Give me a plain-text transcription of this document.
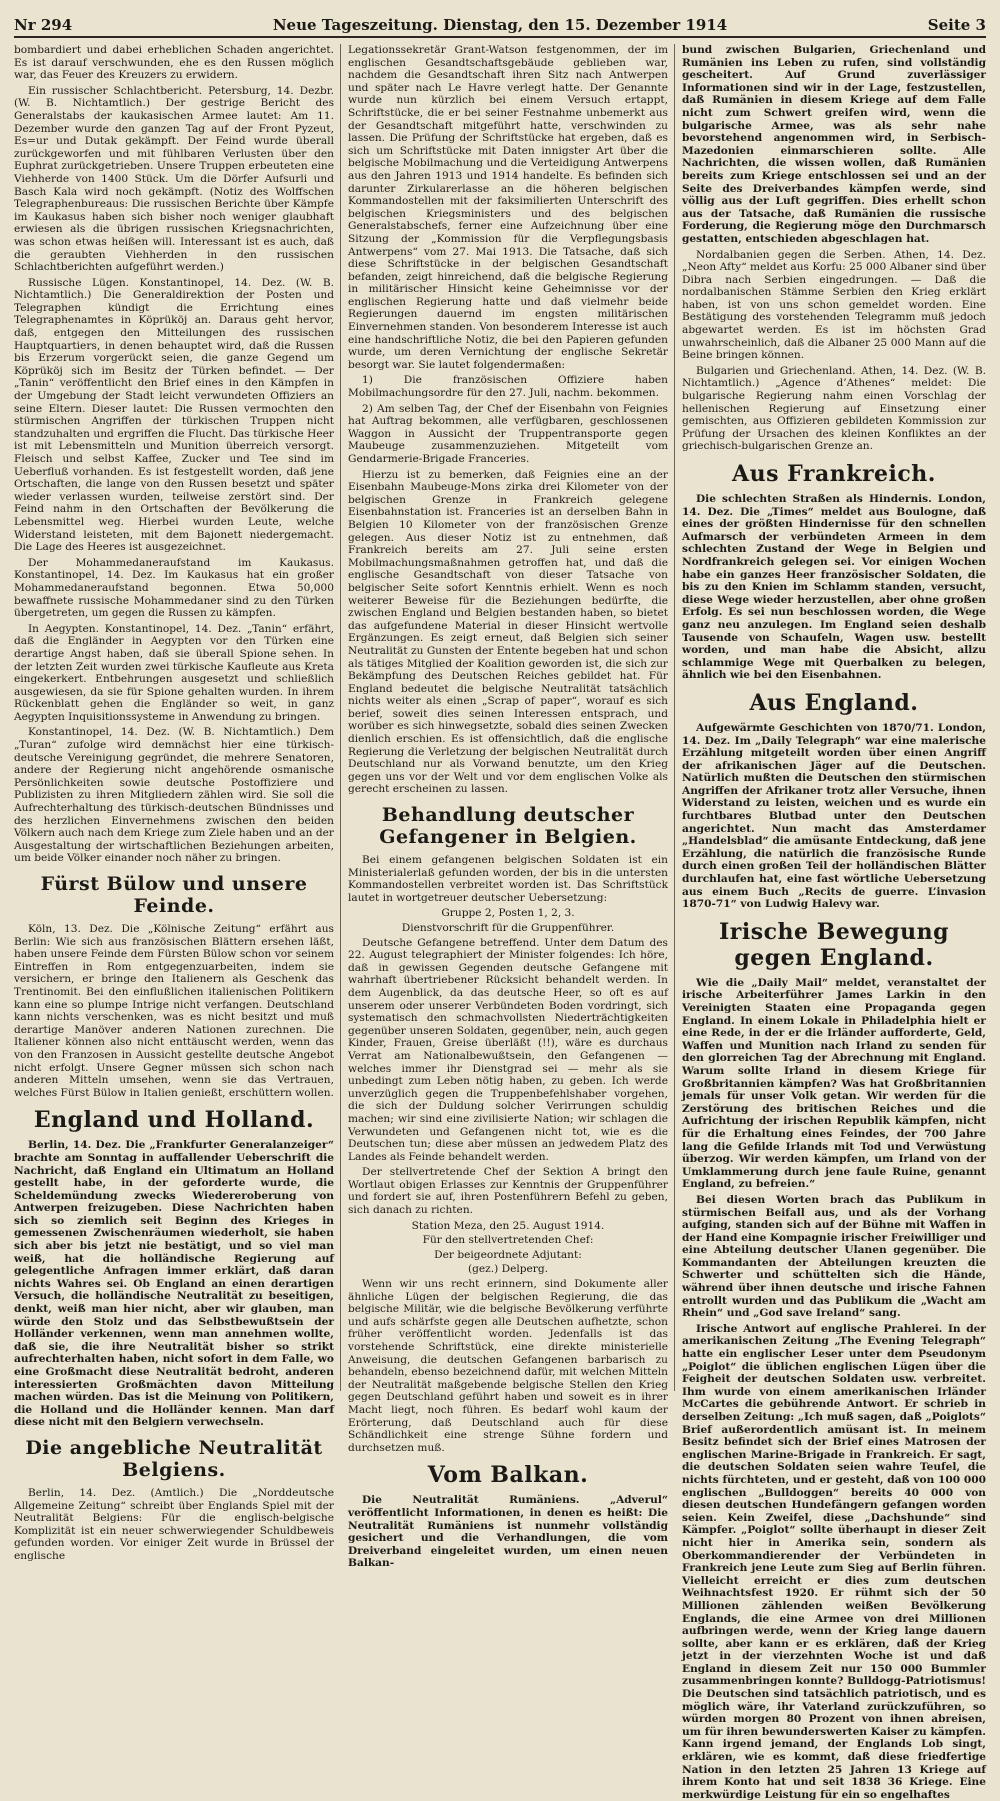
Nr 294	Neue Tageszeitung. Dienstag, den 15. Dezember 1914	Seite 3

bombardiert und dabei erheblichen Schaden angerichtet. Es ist darauf verschwunden, ehe es den Russen möglich war, das Feuer des Kreuzers zu erwidern.

Ein russischer Schlachtbericht. Petersburg, 14. Dezbr. (W. B. Nichtamtlich.) Der gestrige Bericht des Generalstabs der kaukasischen Armee lautet: Am 11. Dezember wurde den ganzen Tag auf der Front Pyzeut, Es=ur und Dutak gekämpft. Der Feind wurde überall zurückgeworfen und mit fühlbaren Verlusten über den Euphrat zurückgetrieben. Unsere Truppen erbeuteten eine Viehherde von 1400 Stück. Um die Dörfer Aufsurli und Basch Kala wird noch gekämpft. (Notiz des Wolffschen Telegraphenbureaus: Die russischen Berichte über Kämpfe im Kaukasus haben sich bisher noch weniger glaubhaft erwiesen als die übrigen russischen Kriegsnachrichten, was schon etwas heißen will. Interessant ist es auch, daß die geraubten Viehherden in den russischen Schlachtberichten aufgeführt werden.)

Russische Lügen. Konstantinopel, 14. Dez. (W. B. Nichtamtlich.) Die Generaldirektion der Posten und Telegraphen kündigt die Errichtung eines Telegraphenamtes in Köprüköj an. Daraus geht hervor, daß, entgegen den Mitteilungen des russischen Hauptquartiers, in denen behauptet wird, daß die Russen bis Erzerum vorgerückt seien, die ganze Gegend um Köprüköj sich im Besitz der Türken befindet. — Der „Tanin“ veröffentlicht den Brief eines in den Kämpfen in der Umgebung der Stadt leicht verwundeten Offiziers an seine Eltern. Dieser lautet: Die Russen vermochten den stürmischen Angriffen der türkischen Truppen nicht standzuhalten und ergriffen die Flucht. Das türkische Heer ist mit Lebensmitteln und Munition überreich versorgt. Fleisch und selbst Kaffee, Zucker und Tee sind im Ueberfluß vorhanden. Es ist festgestellt worden, daß jene Ortschaften, die lange von den Russen besetzt und später wieder verlassen wurden, teilweise zerstört sind. Der Feind nahm in den Ortschaften der Bevölkerung die Lebensmittel weg. Hierbei wurden Leute, welche Widerstand leisteten, mit dem Bajonett niedergemacht. Die Lage des Heeres ist ausgezeichnet.

Der Mohammedaneraufstand im Kaukasus. Konstantinopel, 14. Dez. Im Kaukasus hat ein großer Mohammedaneraufstand begonnen. Etwa 50,000 bewaffnete russische Mohammedaner sind zu den Türken übergetreten, um gegen die Russen zu kämpfen.

In Aegypten. Konstantinopel, 14. Dez. „Tanin“ erfährt, daß die Engländer in Aegypten vor den Türken eine derartige Angst haben, daß sie überall Spione sehen. In der letzten Zeit wurden zwei türkische Kaufleute aus Kreta eingekerkert. Entbehrungen ausgesetzt und schließlich ausgewiesen, da sie für Spione gehalten wurden. In ihrem Rückenblatt gehen die Engländer so weit, in ganz Aegypten Inquisitionssysteme in Anwendung zu bringen.

Konstantinopel, 14. Dez. (W. B. Nichtamtlich.) Dem „Turan“ zufolge wird demnächst hier eine türkisch-deutsche Vereinigung gegründet, die mehrere Senatoren, andere der Regierung nicht angehörende osmanische Persönlichkeiten sowie deutsche Postoffiziere und Publizisten zu ihren Mitgliedern zählen wird. Sie soll die Aufrechterhaltung des türkisch-deutschen Bündnisses und des herzlichen Einvernehmens zwischen den beiden Völkern auch nach dem Kriege zum Ziele haben und an der Ausgestaltung der wirtschaftlichen Beziehungen arbeiten, um beide Völker einander noch näher zu bringen.

Fürst Bülow und unsere Feinde.

Köln, 13. Dez. Die „Kölnische Zeitung“ erfährt aus Berlin: Wie sich aus französischen Blättern ersehen läßt, haben unsere Feinde dem Fürsten Bülow schon vor seinem Eintreffen in Rom entgegenzuarbeiten, indem sie versichern, er bringe den Italienern als Geschenk das Trentinomit. Bei den einflußlichen italienischen Politikern kann eine so plumpe Intrige nicht verfangen. Deutschland kann nichts verschenken, was es nicht besitzt und muß derartige Manöver anderen Nationen zurechnen. Die Italiener können also nicht enttäuscht werden, wenn das von den Franzosen in Aussicht gestellte deutsche Angebot nicht erfolgt. Unsere Gegner müssen sich schon nach anderen Mitteln umsehen, wenn sie das Vertrauen, welches Fürst Bülow in Italien genießt, erschüttern wollen.

England und Holland.

Berlin, 14. Dez. Die „Frankfurter Generalanzeiger“ brachte am Sonntag in auffallender Ueberschrift die Nachricht, daß England ein Ultimatum an Holland gestellt habe, in der geforderte wurde, die Scheldemündung zwecks Wiedereroberung von Antwerpen freizugeben. Diese Nachrichten haben sich so ziemlich seit Beginn des Krieges in gemessenen Zwischenräumen wiederholt, sie haben sich aber bis jetzt nie bestätigt, und so viel man weiß, hat die holländische Regierung auf gelegentliche Anfragen immer erklärt, daß daran nichts Wahres sei. Ob England an einen derartigen Versuch, die holländische Neutralität zu beseitigen, denkt, weiß man hier nicht, aber wir glauben, man würde den Stolz und das Selbstbewußtsein der Holländer verkennen, wenn man annehmen wollte, daß sie, die ihre Neutralität bisher so strikt aufrechterhalten haben, nicht sofort in dem Falle, wo eine Großmacht diese Neutralität bedroht, anderen interessierten Großmächten davon Mitteilung machen würden. Das ist die Meinung von Politikern, die Holland und die Holländer kennen. Man darf diese nicht mit den Belgiern verwechseln.

Die angebliche Neutralität Belgiens.

Berlin, 14. Dez. (Amtlich.) Die „Norddeutsche Allgemeine Zeitung“ schreibt über Englands Spiel mit der Neutralität Belgiens: Für die englisch-belgische Komplizität ist ein neuer schwerwiegender Schuldbeweis gefunden worden. Vor einiger Zeit wurde in Brüssel der englische

Legationssekretär Grant-Watson festgenommen, der im englischen Gesandtschaftsgebäude geblieben war, nachdem die Gesandtschaft ihren Sitz nach Antwerpen und später nach Le Havre verlegt hatte. Der Genannte wurde nun kürzlich bei einem Versuch ertappt, Schriftstücke, die er bei seiner Festnahme unbemerkt aus der Gesandtschaft mitgeführt hatte, verschwinden zu lassen. Die Prüfung der Schriftstücke hat ergeben, daß es sich um Schriftstücke mit Daten innigster Art über die belgische Mobilmachung und die Verteidigung Antwerpens aus den Jahren 1913 und 1914 handelte. Es befinden sich darunter Zirkularerlasse an die höheren belgischen Kommandostellen mit der faksimilierten Unterschrift des belgischen Kriegsministers und des belgischen Generalstabschefs, ferner eine Aufzeichnung über eine Sitzung der „Kommission für die Verpflegungsbasis Antwerpens“ vom 27. Mai 1913. Die Tatsache, daß sich diese Schriftstücke in der belgischen Gesandtschaft befanden, zeigt hinreichend, daß die belgische Regierung in militärischer Hinsicht keine Geheimnisse vor der englischen Regierung hatte und daß vielmehr beide Regierungen dauernd im engsten militärischen Einvernehmen standen. Von besonderem Interesse ist auch eine handschriftliche Notiz, die bei den Papieren gefunden wurde, um deren Vernichtung der englische Sekretär besorgt war. Sie lautet folgendermaßen:

1) Die französischen Offiziere haben Mobilmachungsordre für den 27. Juli, nachm. bekommen.

2) Am selben Tag, der Chef der Eisenbahn von Feignies hat Auftrag bekommen, alle verfügbaren, geschlossenen Waggon in Aussicht der Truppentransporte gegen Maubeuge zusammenzuziehen. Mitgeteilt vom Gendarmerie-Brigade Franceries.

Hierzu ist zu bemerken, daß Feignies eine an der Eisenbahn Maubeuge-Mons zirka drei Kilometer von der belgischen Grenze in Frankreich gelegene Eisenbahnstation ist. Franceries ist an derselben Bahn in Belgien 10 Kilometer von der französischen Grenze gelegen. Aus dieser Notiz ist zu entnehmen, daß Frankreich bereits am 27. Juli seine ersten Mobilmachungsmaßnahmen getroffen hat, und daß die englische Gesandtschaft von dieser Tatsache von belgischer Seite sofort Kenntnis erhielt. Wenn es noch weiterer Beweise für die Beziehungen bedürfte, die zwischen England und Belgien bestanden haben, so bietet das aufgefundene Material in dieser Hinsicht wertvolle Ergänzungen. Es zeigt erneut, daß Belgien sich seiner Neutralität zu Gunsten der Entente begeben hat und schon als tätiges Mitglied der Koalition geworden ist, die sich zur Bekämpfung des Deutschen Reiches gebildet hat. Für England bedeutet die belgische Neutralität tatsächlich nichts weiter als einen „Scrap of paper“, worauf es sich berief, soweit dies seinen Interessen entsprach, und worüber es sich hinwegsetzte, sobald dies seinen Zwecken dienlich erschien. Es ist offensichtlich, daß die englische Regierung die Verletzung der belgischen Neutralität durch Deutschland nur als Vorwand benutzte, um den Krieg gegen uns vor der Welt und vor dem englischen Volke als gerecht erscheinen zu lassen.

Behandlung deutscher Gefangener in Belgien.

Bei einem gefangenen belgischen Soldaten ist ein Ministerialerlaß gefunden worden, der bis in die untersten Kommandostellen verbreitet worden ist. Das Schriftstück lautet in wortgetreuer deutscher Uebersetzung:

Gruppe 2, Posten 1, 2, 3.
Dienstvorschrift für die Gruppenführer.

Deutsche Gefangene betreffend. Unter dem Datum des 22. August telegraphiert der Minister folgendes: Ich höre, daß in gewissen Gegenden deutsche Gefangene mit wahrhaft übertriebener Rücksicht behandelt werden. In dem Augenblick, da das deutsche Heer, so oft es auf unserem oder unserer Verbündeten Boden vordringt, sich systematisch den schmachvollsten Niederträchtigkeiten gegenüber unseren Soldaten, gegenüber, nein, auch gegen Kinder, Frauen, Greise überläßt (!!), wäre es durchaus Verrat am Nationalbewußtsein, den Gefangenen — welches immer ihr Dienstgrad sei — mehr als sie unbedingt zum Leben nötig haben, zu geben. Ich werde unverzüglich gegen die Truppenbefehlshaber vorgehen, die sich der Duldung solcher Verirrungen schuldig machen; wir sind eine zivilisierte Nation; wir schlagen die Verwundeten und Gefangenen nicht tot, wie es die Deutschen tun; diese aber müssen an jedwedem Platz des Landes als Feinde behandelt werden.

Der stellvertretende Chef der Sektion A bringt den Wortlaut obigen Erlasses zur Kenntnis der Gruppenführer und fordert sie auf, ihren Postenführern Befehl zu geben, sich danach zu richten.

Station Meza, den 25. August 1914.
Für den stellvertretenden Chef:
Der beigeordnete Adjutant:
(gez.) Delperg.

Wenn wir uns recht erinnern, sind Dokumente aller ähnliche Lügen der belgischen Regierung, die das belgische Militär, wie die belgische Bevölkerung verführte und aufs schärfste gegen alle Deutschen aufhetzte, schon früher veröffentlicht worden. Jedenfalls ist das vorstehende Schriftstück, eine direkte ministerielle Anweisung, die deutschen Gefangenen barbarisch zu behandeln, ebenso bezeichnend dafür, mit welchen Mitteln der Neutralität maßgebende belgische Stellen den Krieg gegen Deutschland geführt haben und soweit es in ihrer Macht liegt, noch führen. Es bedarf wohl kaum der Erörterung, daß Deutschland auch für diese Schändlichkeit eine strenge Sühne fordern und durchsetzen muß.

Vom Balkan.

Die Neutralität Rumäniens. „Adverul“ veröffentlicht Informationen, in denen es heißt: Die Neutralität Rumäniens ist nunmehr vollständig gesichert und die Verhandlungen, die vom Dreiverband eingeleitet wurden, um einen neuen Balkan-

bund zwischen Bulgarien, Griechenland und Rumänien ins Leben zu rufen, sind vollständig gescheitert. Auf Grund zuverlässiger Informationen sind wir in der Lage, festzustellen, daß Rumänien in diesem Kriege auf dem Falle nicht zum Schwert greifen wird, wenn die bulgarische Armee, was als sehr nahe bevorstehend angenommen wird, in Serbisch-Mazedonien einmarschieren sollte. Alle Nachrichten, die wissen wollen, daß Rumänien bereits zum Kriege entschlossen sei und an der Seite des Dreiverbandes kämpfen werde, sind völlig aus der Luft gegriffen. Dies erhellt schon aus der Tatsache, daß Rumänien die russische Forderung, die Regierung möge den Durchmarsch gestatten, entschieden abgeschlagen hat.

Nordalbanien gegen die Serben. Athen, 14. Dez. „Neon Afty“ meldet aus Korfu: 25 000 Albaner sind über Dibra nach Serbien eingedrungen. — Daß die nordalbanischen Stämme Serbien den Krieg erklärt haben, ist von uns schon gemeldet worden. Eine Bestätigung des vorstehenden Telegramm muß jedoch abgewartet werden. Es ist im höchsten Grad unwahrscheinlich, daß die Albaner 25 000 Mann auf die Beine bringen können.

Bulgarien und Griechenland. Athen, 14. Dez. (W. B. Nichtamtlich.) „Agence d’Athenes“ meldet: Die bulgarische Regierung nahm einen Vorschlag der hellenischen Regierung auf Einsetzung einer gemischten, aus Offizieren gebildeten Kommission zur Prüfung der Ursachen des kleinen Konfliktes an der griechisch-bulgarischen Grenze an.

Aus Frankreich.

Die schlechten Straßen als Hindernis. London, 14. Dez. Die „Times“ meldet aus Boulogne, daß eines der größten Hindernisse für den schnellen Aufmarsch der verbündeten Armeen in dem schlechten Zustand der Wege in Belgien und Nordfrankreich gelegen sei. Vor einigen Wochen habe ein ganzes Heer französischer Soldaten, die bis zu den Knien im Schlamm standen, versucht, diese Wege wieder herzustellen, aber ohne großen Erfolg. Es sei nun beschlossen worden, die Wege ganz neu anzulegen. Im England seien deshalb Tausende von Schaufeln, Wagen usw. bestellt worden, und man habe die Absicht, allzu schlammige Wege mit Querbalken zu belegen, ähnlich wie bei den Eisenbahnen.

Aus England.

Aufgewärmte Geschichten von 1870/71. London, 14. Dez. Im „Daily Telegraph“ war eine malerische Erzählung mitgeteilt worden über einen Angriff der afrikanischen Jäger auf die Deutschen. Natürlich mußten die Deutschen den stürmischen Angriffen der Afrikaner trotz aller Versuche, ihnen Widerstand zu leisten, weichen und es wurde ein furchtbares Blutbad unter den Deutschen angerichtet. Nun macht das Amsterdamer „Handelsblad“ die amüsante Entdeckung, daß jene Erzählung, die natürlich die französische Runde durch einen großen Teil der holländischen Blätter durchlaufen hat, eine fast wörtliche Uebersetzung aus einem Buch „Recits de guerre. L’invasion 1870-71“ von Ludwig Halevy war.

Irische Bewegung gegen England.

Wie die „Daily Mail“ meldet, veranstaltet der irische Arbeiterführer James Larkin in den Vereinigten Staaten eine Propaganda gegen England. In einem Lokale in Philadelphia hielt er eine Rede, in der er die Irländer aufforderte, Geld, Waffen und Munition nach Irland zu senden für den glorreichen Tag der Abrechnung mit England. Warum sollte Irland in diesem Kriege für Großbritannien kämpfen? Was hat Großbritannien jemals für unser Volk getan. Wir werden für die Zerstörung des britischen Reiches und die Aufrichtung der irischen Republik kämpfen, nicht für die Erhaltung eines Feindes, der 700 Jahre lang die Gefilde Irlands mit Tod und Verwüstung überzog. Wir werden kämpfen, um Irland von der Umklammerung durch jene faule Ruine, genannt England, zu befreien.“

Bei diesen Worten brach das Publikum in stürmischen Beifall aus, und als der Vorhang aufging, standen sich auf der Bühne mit Waffen in der Hand eine Kompagnie irischer Freiwilliger und eine Abteilung deutscher Ulanen gegenüber. Die Kommandanten der Abteilungen kreuzten die Schwerter und schüttelten sich die Hände, während über ihnen deutsche und irische Fahnen entrollt wurden und das Publikum die „Wacht am Rhein“ und „God save Ireland“ sang.

Irische Antwort auf englische Prahlerei. In der amerikanischen Zeitung „The Evening Telegraph“ hatte ein englischer Leser unter dem Pseudonym „Poiglot“ die üblichen englischen Lügen über die Feigheit der deutschen Soldaten usw. verbreitet. Ihm wurde von einem amerikanischen Irländer McCartes die gebührende Antwort. Er schrieb in derselben Zeitung: „Ich muß sagen, daß „Poiglots“ Brief außerordentlich amüsant ist. In meinem Besitz befindet sich der Brief eines Matrosen der englischen Marine-Brigade in Frankreich. Er sagt, die deutschen Soldaten seien wahre Teufel, die nichts fürchteten, und er gesteht, daß von 100 000 englischen „Bulldoggen“ bereits 40 000 von diesen deutschen Hundefängern gefangen worden seien. Kein Zweifel, diese „Dachshunde“ sind Kämpfer. „Poiglot“ sollte überhaupt in dieser Zeit nicht hier in Amerika sein, sondern als Oberkommandierender der Verbündeten in Frankreich jene Leute zum Sieg auf Berlin führen. Vielleicht erreicht er dies zum deutschen Weihnachtsfest 1920. Er rühmt sich der 50 Millionen zählenden weißen Bevölkerung Englands, die eine Armee von drei Millionen aufbringen werde, wenn der Krieg lange dauern sollte, aber kann er es erklären, daß der Krieg jetzt in der vierzehnten Woche ist und daß England in diesem Zeit nur 150 000 Bummler zusammenbringen konnte? Bulldogg-Patriotismus! Die Deutschen sind tatsächlich patriotisch, und es möglich wäre, ihr Vaterland zurückzuführen, so würden morgen 80 Prozent von ihnen abreisen, um für ihren bewunderswerten Kaiser zu kämpfen. Kann irgend jemand, der Englands Lob singt, erklären, wie es kommt, daß diese friedfertige Nation in den letzten 25 Jahren 13 Kriege auf ihrem Konto hat und seit 1838 36 Kriege. Eine merkwürdige Leistung für ein so engelhaftes
